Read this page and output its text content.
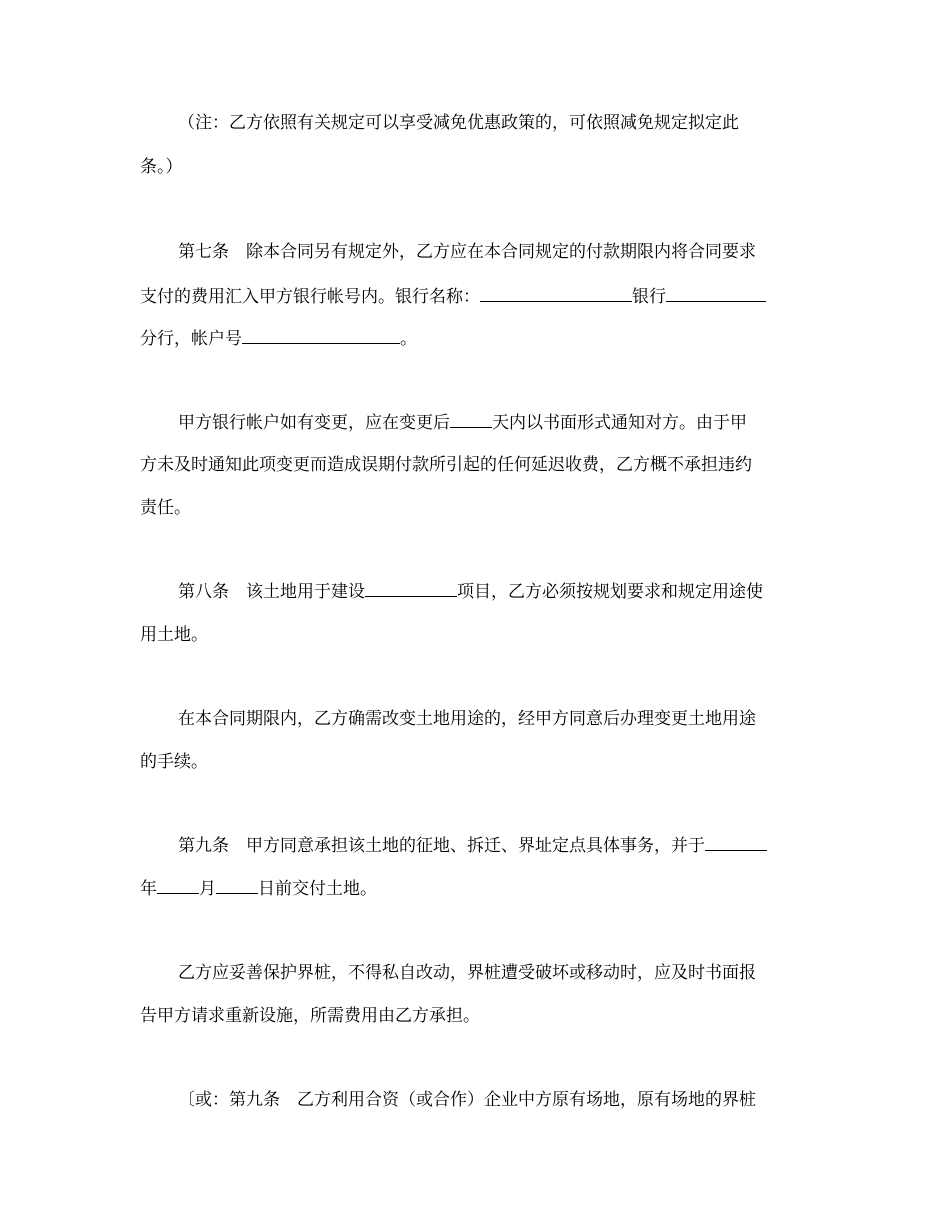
（注：乙方依照有关规定可以享受减免优惠政策的，可依照减免规定拟定此
条。）
第七条　除本合同另有规定外，乙方应在本合同规定的付款期限内将合同要求
支付的费用汇入甲方银行帐号内。银行名称：	银行
分行，帐户号	。
甲方银行帐户如有变更，应在变更后 天内以书面形式通知对方。由于甲
方未及时通知此项变更而造成误期付款所引起的任何延迟收费，乙方概不承担违约
责任。
第八条　该土地用于建设	项目，乙方必须按规划要求和规定用途使
用土地。
在本合同期限内，乙方确需改变土地用途的，经甲方同意后办理变更土地用途
的手续。
第九条　甲方同意承担该土地的征地、拆迁、界址定点具体事务，并于
年 月 日前交付土地。
乙方应妥善保护界桩，不得私自改动，界桩遭受破坏或移动时，应及时书面报
告甲方请求重新设施，所需费用由乙方承担。
〔或：第九条　乙方利用合资（或合作）企业中方原有场地，原有场地的界桩
